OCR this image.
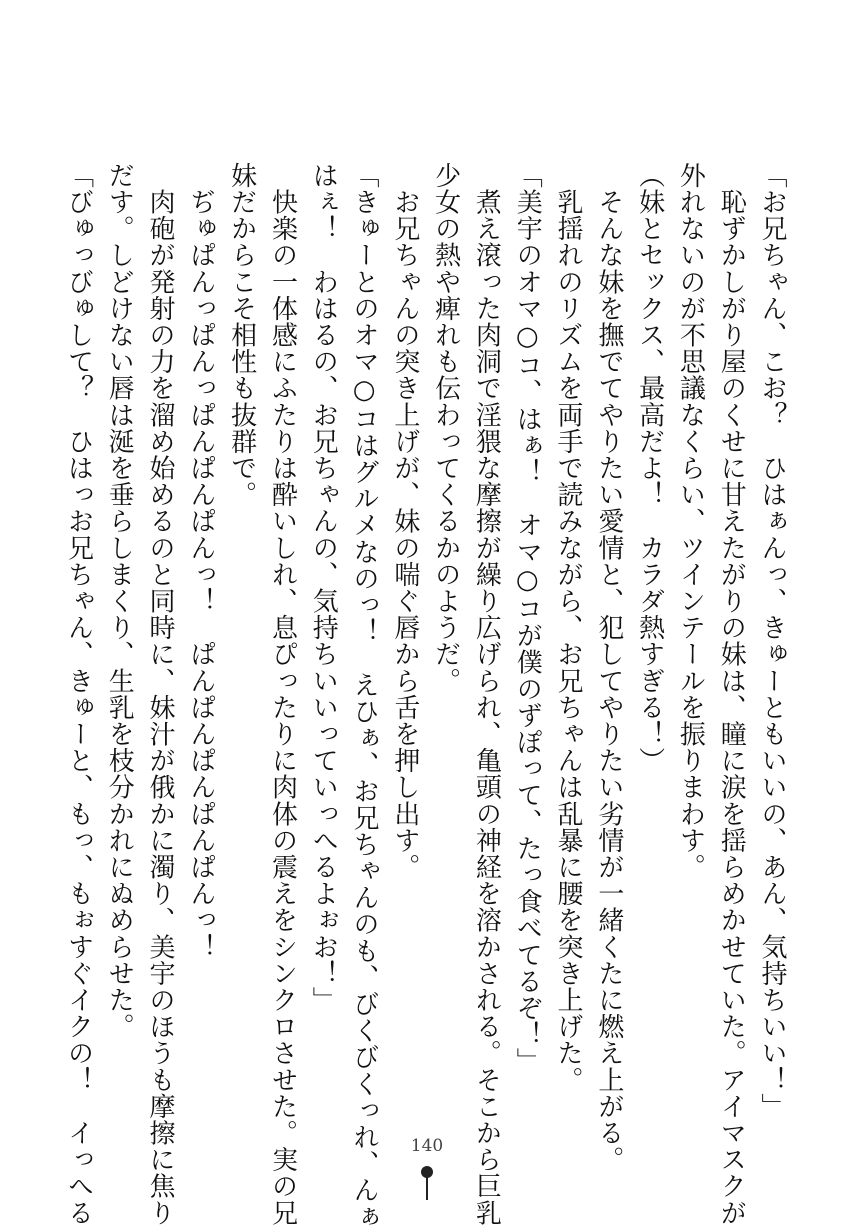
「お兄ちゃん、こお？　ひはぁんっ、きゅーともいいの、あん、気持ちいい！」

　恥ずかしがり屋のくせに甘えたがりの妹は、瞳に涙を揺らめかせていた。アイマスクが

外れないのが不思議なくらい、ツインテールを振りまわす。

（妹とセックス、最高だよ！　カラダ熱すぎる！）

　そんな妹を撫でてやりたい愛情と、犯してやりたい劣情が一緒くたに燃え上がる。

　乳揺れのリズムを両手で読みながら、お兄ちゃんは乱暴に腰を突き上げた。

「美宇のオマ○コ、はぁ！　オマ○コが僕のずぽって、たっ食べてるぞ！」

　煮え滾った肉洞で淫猥な摩擦が繰り広げられ、亀頭の神経を溶かされる。そこから巨乳

少女の熱や痺れも伝わってくるかのようだ。

　お兄ちゃんの突き上げが、妹の喘ぐ唇から舌を押し出す。

「きゅーとのオマ○コはグルメなのっ！　えひぁ、お兄ちゃんのも、びくびくっれ、んぁ

はぇ！　わはるの、お兄ちゃんの、気持ちいいっていっへるよぉお！」

　快楽の一体感にふたりは酔いしれ、息ぴったりに肉体の震えをシンクロさせた。実の兄

妹だからこそ相性も抜群で。

　ぢゅぱんっぱんっぱんぱんぱんっ！　ぱんぱんぱんぱんぱんっ！

　肉砲が発射の力を溜め始めるのと同時に、妹汁が俄かに濁り、美宇のほうも摩擦に焦り

だす。しどけない唇は涎を垂らしまくり、生乳を枝分かれにぬめらせた。

「びゅっびゅして？　ひはっお兄ちゃん、きゅーと、もっ、もぉすぐイクの！　イっへる	140
